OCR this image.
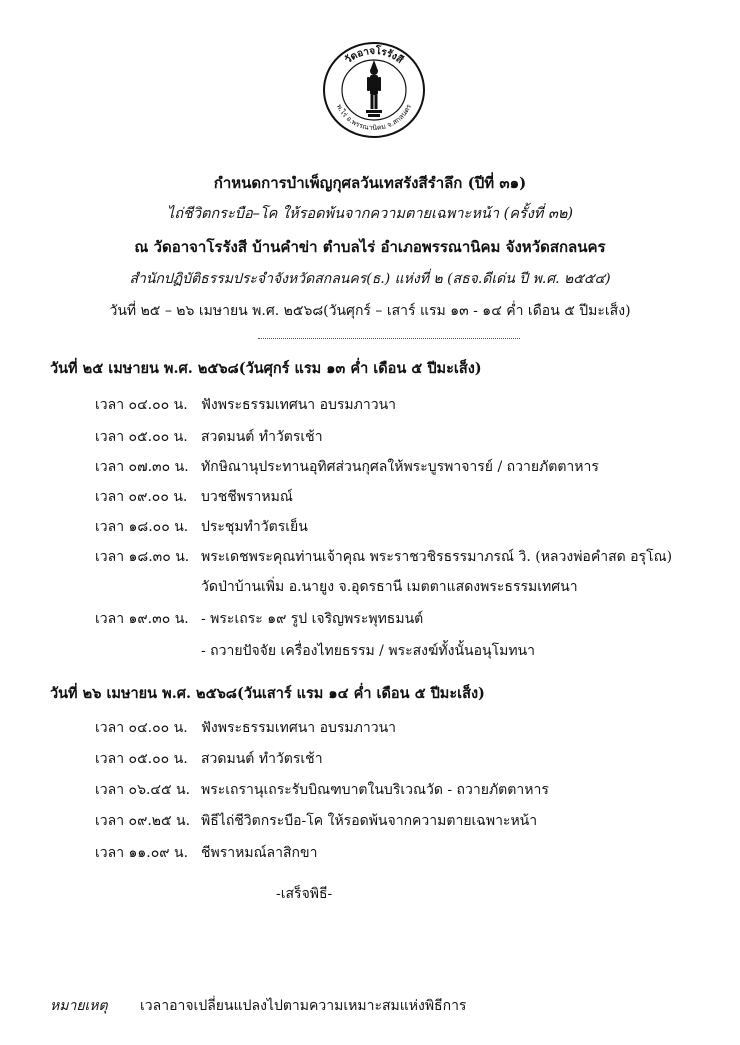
วัดอาจโรรังสี
พ.ไร่ อ.พรรณานิคม จ.สกลนคร
กำหนดการบำเพ็ญกุศลวันเทสรังสีรำลึก (ปีที่ ๓๑)
ไถ่ชีวิตกระบือ–โค ให้รอดพ้นจากความตายเฉพาะหน้า (ครั้งที่ ๓๒)
ณ วัดอาจาโรรังสี บ้านคำข่า ตำบลไร่ อำเภอพรรณานิคม จังหวัดสกลนคร
สำนักปฏิบัติธรรมประจำจังหวัดสกลนคร(ธ.) แห่งที่ ๒ (สธจ.ดีเด่น ปี พ.ศ. ๒๕๕๔)
วันที่ ๒๕ – ๒๖ เมษายน พ.ศ. ๒๕๖๘(วันศุกร์ – เสาร์ แรม ๑๓ - ๑๔ ค่ำ เดือน ๕ ปีมะเส็ง)
วันที่ ๒๕ เมษายน พ.ศ. ๒๕๖๘(วันศุกร์ แรม ๑๓ ค่ำ เดือน ๕ ปีมะเส็ง)
เวลา ๐๔.๐๐ น. ฟังพระธรรมเทศนา อบรมภาวนา
เวลา ๐๕.๐๐ น. สวดมนต์ ทำวัตรเช้า
เวลา ๐๗.๓๐ น. ทักษิณานุประทานอุทิศส่วนกุศลให้พระบูรพาจารย์ / ถวายภัตตาหาร
เวลา ๐๙.๐๐ น. บวชชีพราหมณ์
เวลา ๑๘.๐๐ น. ประชุมทำวัตรเย็น
เวลา ๑๘.๓๐ น. พระเดชพระคุณท่านเจ้าคุณ พระราชวชิรธรรมาภรณ์ วิ. (หลวงพ่อคำสด อรุโณ)
วัดป่าบ้านเพิ่ม อ.นายูง จ.อุดรธานี เมตตาแสดงพระธรรมเทศนา
เวลา ๑๙.๓๐ น. - พระเถระ ๑๙ รูป เจริญพระพุทธมนต์
- ถวายปัจจัย เครื่องไทยธรรม / พระสงฆ์ทั้งนั้นอนุโมทนา
วันที่ ๒๖ เมษายน พ.ศ. ๒๕๖๘(วันเสาร์ แรม ๑๔ ค่ำ เดือน ๕ ปีมะเส็ง)
เวลา ๐๔.๐๐ น. ฟังพระธรรมเทศนา อบรมภาวนา
เวลา ๐๕.๐๐ น. สวดมนต์ ทำวัตรเช้า
เวลา ๐๖.๔๕ น. พระเถรานุเถระรับบิณฑบาตในบริเวณวัด - ถวายภัตตาหาร
เวลา ๐๙.๒๕ น. พิธีไถ่ชีวิตกระบือ-โค ให้รอดพ้นจากความตายเฉพาะหน้า
เวลา ๑๑.๐๙ น. ชีพราหมณ์ลาสิกขา
-เสร็จพิธี-
หมายเหตุ เวลาอาจเปลี่ยนแปลงไปตามความเหมาะสมแห่งพิธีการ
